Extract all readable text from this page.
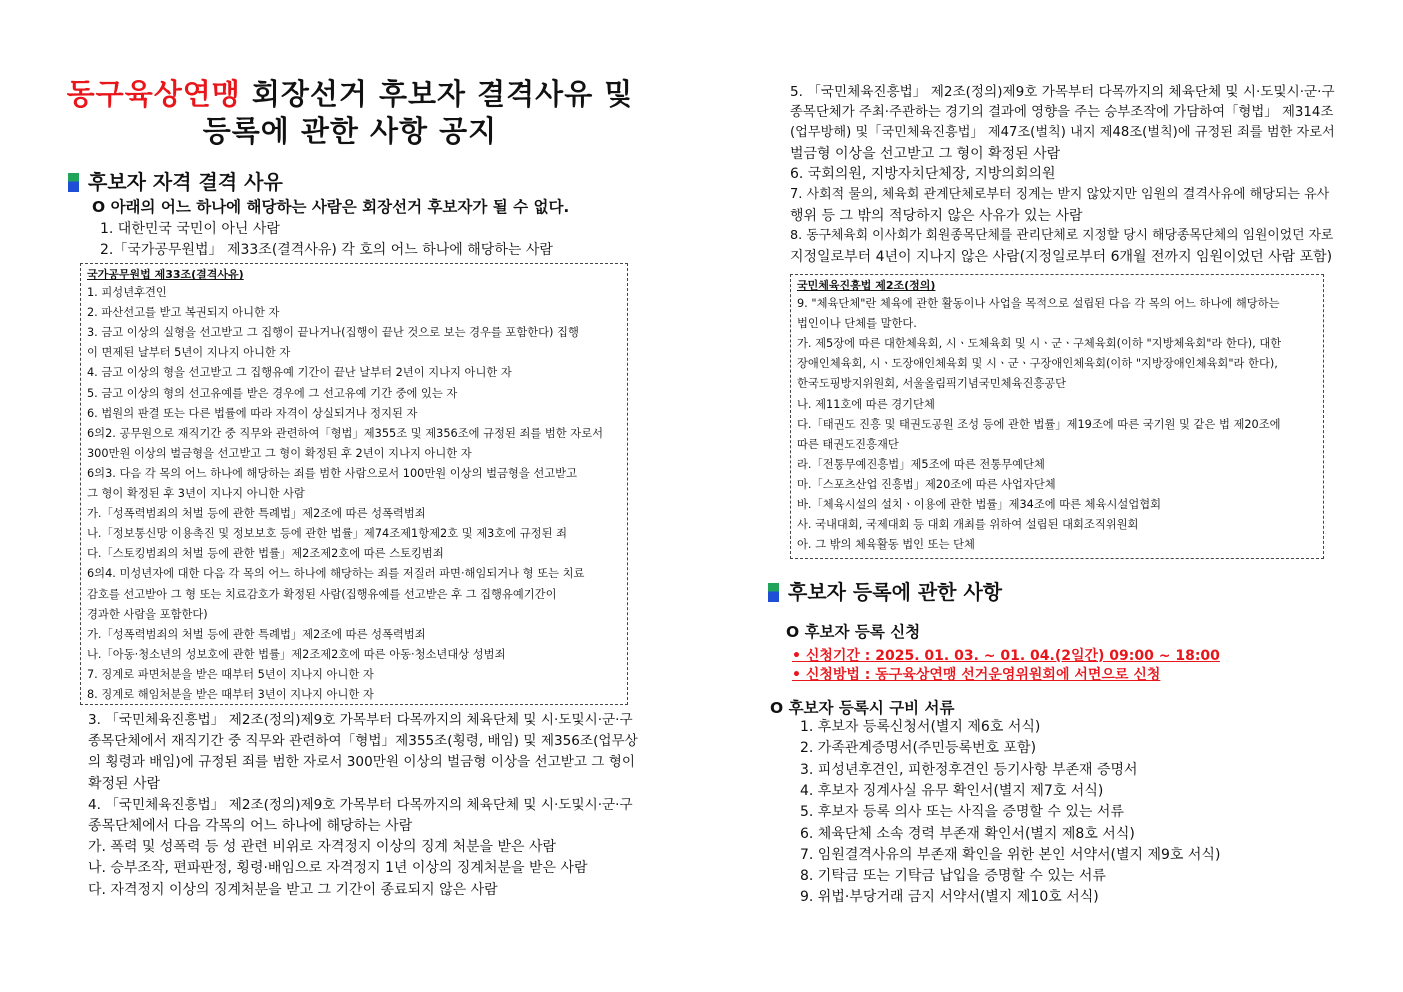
동구육상연맹 회장선거 후보자 결격사유 및
등록에 관한 사항 공지
후보자 자격 결격 사유
O 아래의 어느 하나에 해당하는 사람은 회장선거 후보자가 될 수 없다.
1. 대한민국 국민이 아닌 사람
2.「국가공무원법」 제33조(결격사유) 각 호의 어느 하나에 해당하는 사람
국가공무원법 제33조(결격사유)
1. 피성년후견인
2. 파산선고를 받고 복권되지 아니한 자
3. 금고 이상의 실형을 선고받고 그 집행이 끝나거나(집행이 끝난 것으로 보는 경우를 포함한다) 집행
이 면제된 날부터 5년이 지나지 아니한 자
4. 금고 이상의 형을 선고받고 그 집행유예 기간이 끝난 날부터 2년이 지나지 아니한 자
5. 금고 이상의 형의 선고유예를 받은 경우에 그 선고유예 기간 중에 있는 자
6. 법원의 판결 또는 다른 법률에 따라 자격이 상실되거나 정지된 자
6의2. 공무원으로 재직기간 중 직무와 관련하여「형법」제355조 및 제356조에 규정된 죄를 범한 자로서
300만원 이상의 벌금형을 선고받고 그 형이 확정된 후 2년이 지나지 아니한 자
6의3. 다음 각 목의 어느 하나에 해당하는 죄를 범한 사람으로서 100만원 이상의 벌금형을 선고받고
그 형이 확정된 후 3년이 지나지 아니한 사람
가.「성폭력범죄의 처벌 등에 관한 특례법」제2조에 따른 성폭력범죄
나.「정보통신망 이용촉진 및 정보보호 등에 관한 법률」제74조제1항제2호 및 제3호에 규정된 죄
다.「스토킹범죄의 처벌 등에 관한 법률」제2조제2호에 따른 스토킹범죄
6의4. 미성년자에 대한 다음 각 목의 어느 하나에 해당하는 죄를 저질러 파면·해임되거나 형 또는 치료
감호를 선고받아 그 형 또는 치료감호가 확정된 사람(집행유예를 선고받은 후 그 집행유예기간이
경과한 사람을 포함한다)
가.「성폭력범죄의 처벌 등에 관한 특례법」제2조에 따른 성폭력범죄
나.「아동·청소년의 성보호에 관한 법률」제2조제2호에 따른 아동·청소년대상 성범죄
7. 징계로 파면처분을 받은 때부터 5년이 지나지 아니한 자
8. 징계로 해임처분을 받은 때부터 3년이 지나지 아니한 자
3. 「국민체육진흥법」 제2조(정의)제9호 가목부터 다목까지의 체육단체 및 시·도및시·군·구
종목단체에서 재직기간 중 직무와 관련하여「형법」제355조(횡령, 배임) 및 제356조(업무상
의 횡령과 배임)에 규정된 죄를 범한 자로서 300만원 이상의 벌금형 이상을 선고받고 그 형이
확정된 사람
4. 「국민체육진흥법」 제2조(정의)제9호 가목부터 다목까지의 체육단체 및 시·도및시·군·구
종목단체에서 다음 각목의 어느 하나에 해당하는 사람
가. 폭력 및 성폭력 등 성 관련 비위로 자격정지 이상의 징계 처분을 받은 사람
나. 승부조작, 편파판정, 횡령·배임으로 자격정지 1년 이상의 징계처분을 받은 사람
다. 자격정지 이상의 징계처분을 받고 그 기간이 종료되지 않은 사람
5. 「국민체육진흥법」 제2조(정의)제9호 가목부터 다목까지의 체육단체 및 시·도및시·군·구
종목단체가 주최·주관하는 경기의 결과에 영향을 주는 승부조작에 가담하여「형법」 제314조
(업무방해) 및「국민체육진흥법」 제47조(벌칙) 내지 제48조(벌칙)에 규정된 죄를 범한 자로서
벌금형 이상을 선고받고 그 형이 확정된 사람
6. 국회의원, 지방자치단체장, 지방의회의원
7. 사회적 물의, 체육회 관계단체로부터 징계는 받지 않았지만 임원의 결격사유에 해당되는 유사
행위 등 그 밖의 적당하지 않은 사유가 있는 사람
8. 동구체육회 이사회가 회원종목단체를 관리단체로 지정할 당시 해당종목단체의 임원이었던 자로
지정일로부터 4년이 지나지 않은 사람(지정일로부터 6개월 전까지 임원이었던 사람 포함)
국민체육진흥법 제2조(정의)
9. "체육단체"란 체육에 관한 활동이나 사업을 목적으로 설립된 다음 각 목의 어느 하나에 해당하는
법인이나 단체를 말한다.
가. 제5장에 따른 대한체육회, 시ㆍ도체육회 및 시ㆍ군ㆍ구체육회(이하 "지방체육회"라 한다), 대한
장애인체육회, 시ㆍ도장애인체육회 및 시ㆍ군ㆍ구장애인체육회(이하 "지방장애인체육회"라 한다),
한국도핑방지위원회, 서울올림픽기념국민체육진흥공단
나. 제11호에 따른 경기단체
다.「태권도 진흥 및 태권도공원 조성 등에 관한 법률」제19조에 따른 국기원 및 같은 법 제20조에
따른 태권도진흥재단
라.「전통무예진흥법」제5조에 따른 전통무예단체
마.「스포츠산업 진흥법」제20조에 따른 사업자단체
바.「체육시설의 설치ㆍ이용에 관한 법률」제34조에 따른 체육시설업협회
사. 국내대회, 국제대회 등 대회 개최를 위하여 설립된 대회조직위원회
아. 그 밖의 체육활동 법인 또는 단체
후보자 등록에 관한 사항
O 후보자 등록 신청
• 신청기간 : 2025. 01. 03. ~ 01. 04.(2일간) 09:00 ~ 18:00
• 신청방법 : 동구육상연맹 선거운영위원회에 서면으로 신청
O 후보자 등록시 구비 서류
1. 후보자 등록신청서(별지 제6호 서식)
2. 가족관계증명서(주민등록번호 포함)
3. 피성년후견인, 피한정후견인 등기사항 부존재 증명서
4. 후보자 징계사실 유무 확인서(별지 제7호 서식)
5. 후보자 등록 의사 또는 사직을 증명할 수 있는 서류
6. 체육단체 소속 경력 부존재 확인서(별지 제8호 서식)
7. 임원결격사유의 부존재 확인을 위한 본인 서약서(별지 제9호 서식)
8. 기탁금 또는 기탁금 납입을 증명할 수 있는 서류
9. 위법·부당거래 금지 서약서(별지 제10호 서식)
